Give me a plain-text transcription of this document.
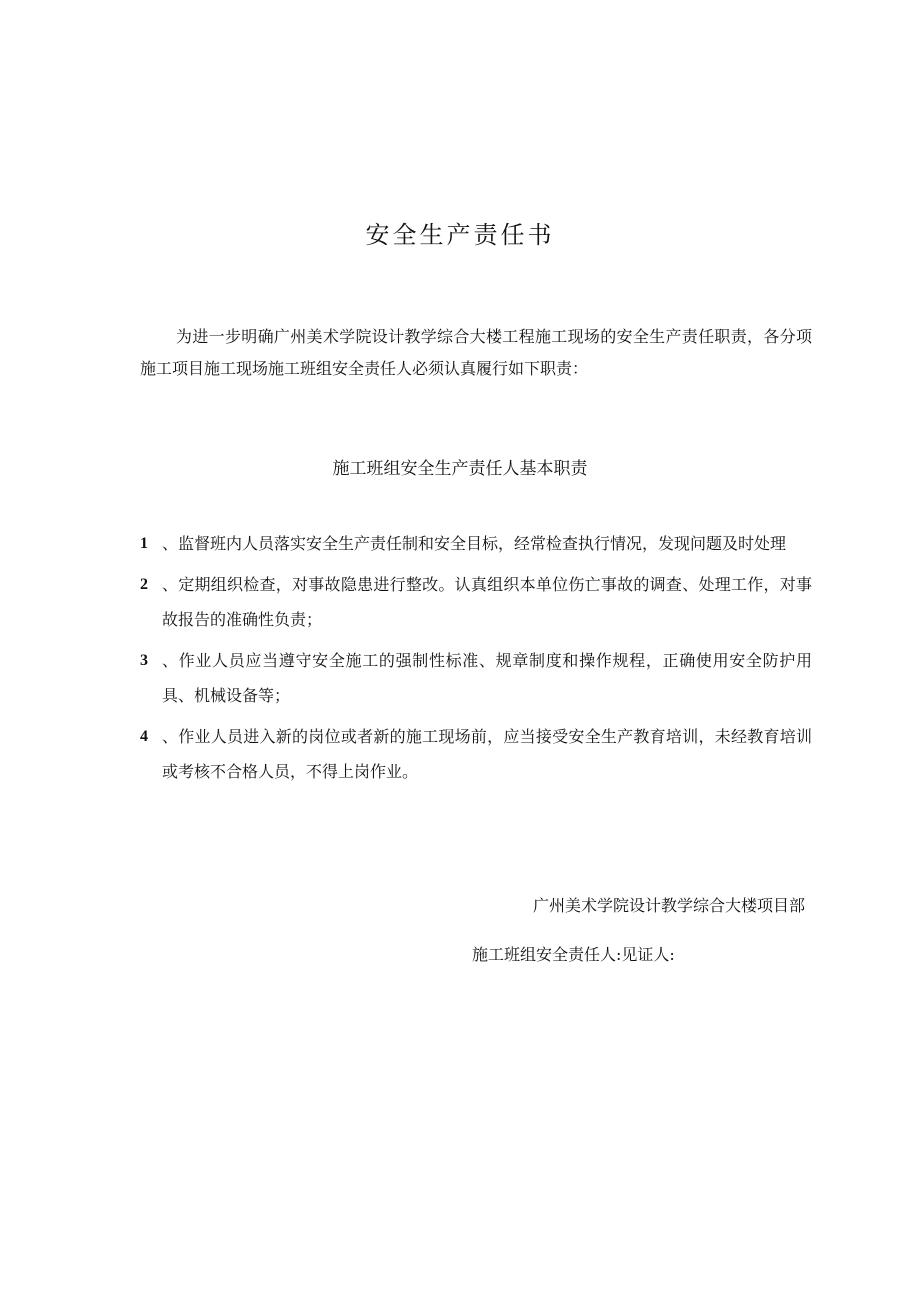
安全生产责任书

为进一步明确广州美术学院设计教学综合大楼工程施工现场的安全生产责任职责，各分项施工项目施工现场施工班组安全责任人必须认真履行如下职责：

施工班组安全生产责任人基本职责
1 、监督班内人员落实安全生产责任制和安全目标，经常检查执行情况，发现问题及时处理
2 、定期组织检查，对事故隐患进行整改。认真组织本单位伤亡事故的调查、处理工作，对事故报告的准确性负责；
3 、作业人员应当遵守安全施工的强制性标准、规章制度和操作规程，正确使用安全防护用具、机械设备等；
4 、作业人员进入新的岗位或者新的施工现场前，应当接受安全生产教育培训，未经教育培训或考核不合格人员，不得上岗作业。
广州美术学院设计教学综合大楼项目部
施工班组安全责任人:见证人:
